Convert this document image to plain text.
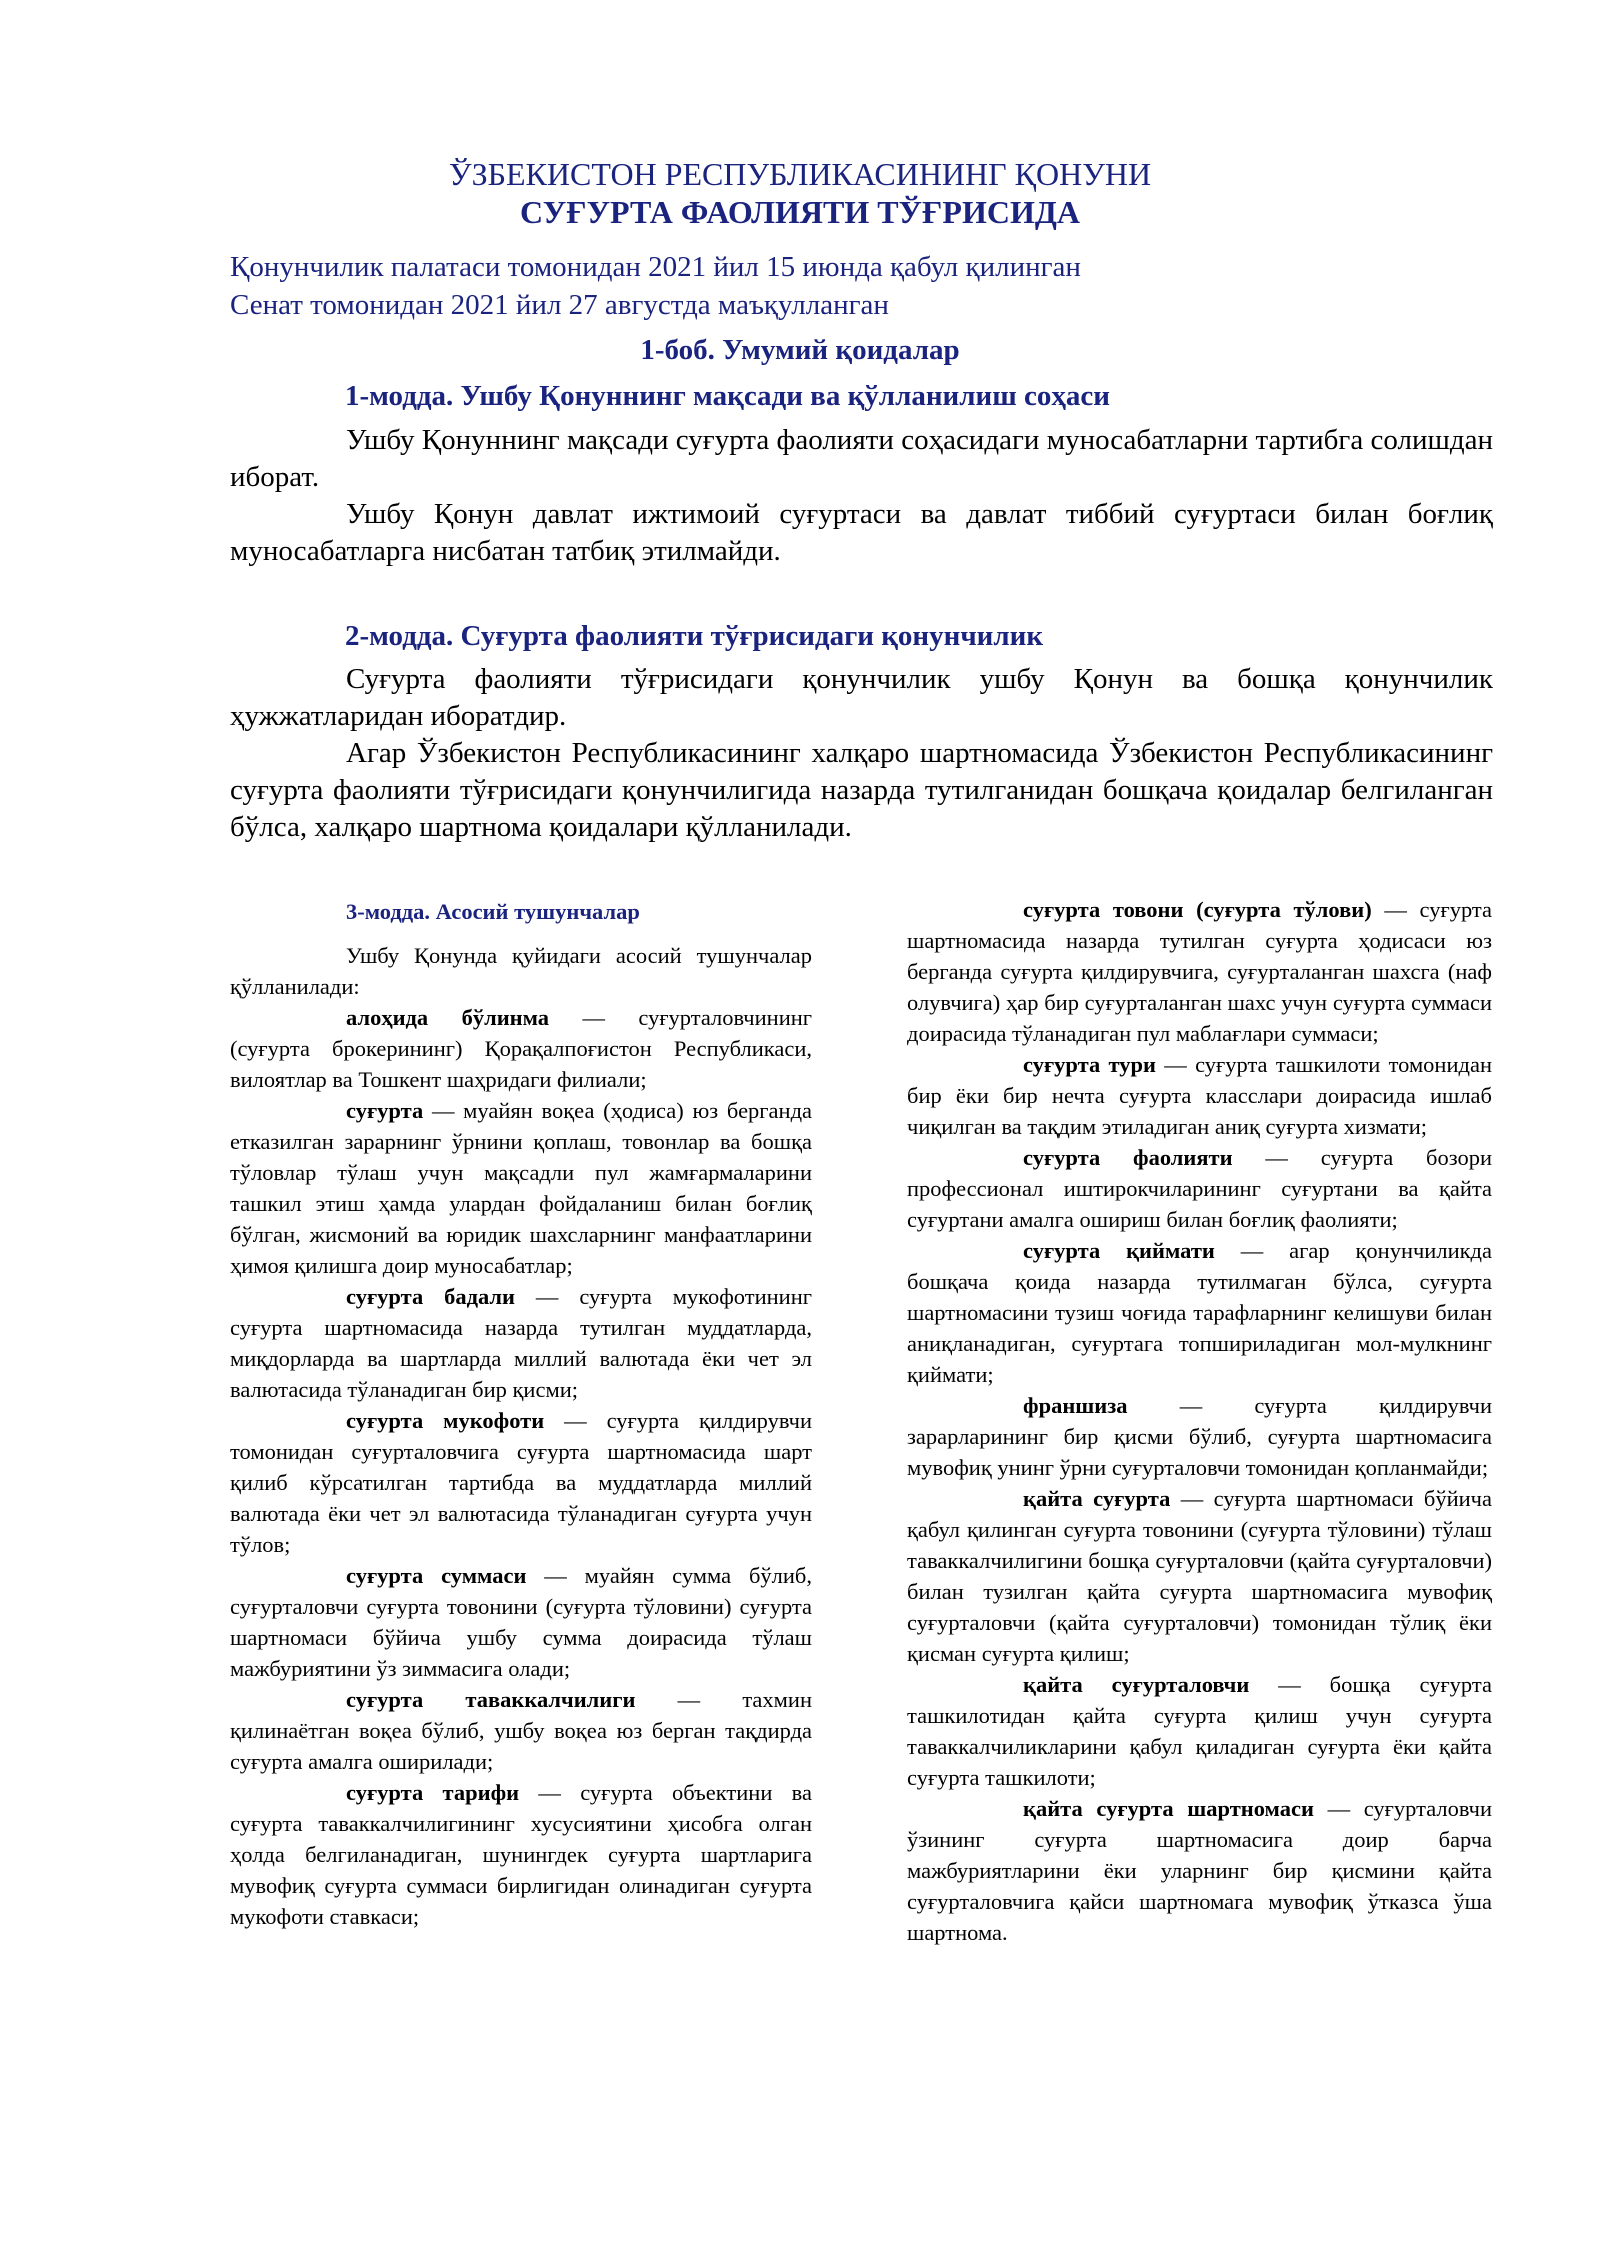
ЎЗБЕКИСТОН РЕСПУБЛИКАСИНИНГ ҚОНУНИ
СУҒУРТА ФАОЛИЯТИ ТЎҒРИСИДА
Қонунчилик палатаси томонидан 2021 йил 15 июнда қабул қилинган
Сенат томонидан 2021 йил 27 августда маъқулланган
1-боб. Умумий қоидалар
1-модда. Ушбу Қонуннинг мақсади ва қўлланилиш соҳаси

Ушбу Қонуннинг мақсади суғурта фаолияти соҳасидаги муносабатларни тартибга солишдан иборат.

Ушбу Қонун давлат ижтимоий суғуртаси ва давлат тиббий суғуртаси билан боғлиқ муносабатларга нисбатан татбиқ этилмайди.

2-модда. Суғурта фаолияти тўғрисидаги қонунчилик

Суғурта фаолияти тўғрисидаги қонунчилик ушбу Қонун ва бошқа қонунчилик ҳужжатларидан иборатдир.

Агар Ўзбекистон Республикасининг халқаро шартномасида Ўзбекистон Республикасининг суғурта фаолияти тўғрисидаги қонунчилигида назарда тутилганидан бошқача қоидалар белгиланган бўлса, халқаро шартнома қоидалари қўлланилади.

3-модда. Асосий тушунчалар

Ушбу Қонунда қуйидаги асосий тушунчалар қўлланилади:

алоҳида бўлинма — суғурталовчининг (суғурта брокерининг) Қорақалпоғистон Республикаси, вилоятлар ва Тошкент шаҳридаги филиали;

суғурта — муайян воқеа (ҳодиса) юз берганда етказилган зарарнинг ўрнини қоплаш, товонлар ва бошқа тўловлар тўлаш учун мақсадли пул жамғармаларини ташкил этиш ҳамда улардан фойдаланиш билан боғлиқ бўлган, жисмоний ва юридик шахсларнинг манфаатларини ҳимоя қилишга доир муносабатлар;

суғурта бадали — суғурта мукофотининг суғурта шартномасида назарда тутилган муддатларда, миқдорларда ва шартларда миллий валютада ёки чет эл валютасида тўланадиган бир қисми;

суғурта мукофоти — суғурта қилдирувчи томонидан суғурталовчига суғурта шартномасида шарт қилиб кўрсатилган тартибда ва муддатларда миллий валютада ёки чет эл валютасида тўланадиган суғурта учун тўлов;

суғурта суммаси — муайян сумма бўлиб, суғурталовчи суғурта товонини (суғурта тўловини) суғурта шартномаси бўйича ушбу сумма доирасида тўлаш мажбуриятини ўз зиммасига олади;

суғурта таваккалчилиги — тахмин қилинаётган воқеа бўлиб, ушбу воқеа юз берган тақдирда суғурта амалга оширилади;

суғурта тарифи — суғурта объектини ва суғурта таваккалчилигининг хусусиятини ҳисобга олган ҳолда белгиланадиган, шунингдек суғурта шартларига мувофиқ суғурта суммаси бирлигидан олинадиган суғурта мукофоти ставкаси;

суғурта товони (суғурта тўлови) — суғурта шартномасида назарда тутилган суғурта ҳодисаси юз берганда суғурта қилдирувчига, суғурталанган шахсга (наф олувчига) ҳар бир суғурталанган шахс учун суғурта суммаси доирасида тўланадиган пул маблағлари суммаси;

суғурта тури — суғурта ташкилоти томонидан бир ёки бир нечта суғурта класслари доирасида ишлаб чиқилган ва тақдим этиладиган аниқ суғурта хизмати;

суғурта фаолияти — суғурта бозори профессионал иштирокчиларининг суғуртани ва қайта суғуртани амалга ошириш билан боғлиқ фаолияти;

суғурта қиймати — агар қонунчиликда бошқача қоида назарда тутилмаган бўлса, суғурта шартномасини тузиш чоғида тарафларнинг келишуви билан аниқланадиган, суғуртага топшириладиган мол-мулкнинг қиймати;

франшиза — суғурта қилдирувчи зарарларининг бир қисми бўлиб, суғурта шартномасига мувофиқ унинг ўрни суғурталовчи томонидан қопланмайди;

қайта суғурта — суғурта шартномаси бўйича қабул қилинган суғурта товонини (суғурта тўловини) тўлаш таваккалчилигини бошқа суғурталовчи (қайта суғурталовчи) билан тузилган қайта суғурта шартномасига мувофиқ суғурталовчи (қайта суғурталовчи) томонидан тўлиқ ёки қисман суғурта қилиш;

қайта суғурталовчи — бошқа суғурта ташкилотидан қайта суғурта қилиш учун суғурта таваккалчиликларини қабул қиладиган суғурта ёки қайта суғурта ташкилоти;

қайта суғурта шартномаси — суғурталовчи ўзининг суғурта шартномасига доир барча мажбуриятларини ёки уларнинг бир қисмини қайта суғурталовчига қайси шартномага мувофиқ ўтказса ўша шартнома.
